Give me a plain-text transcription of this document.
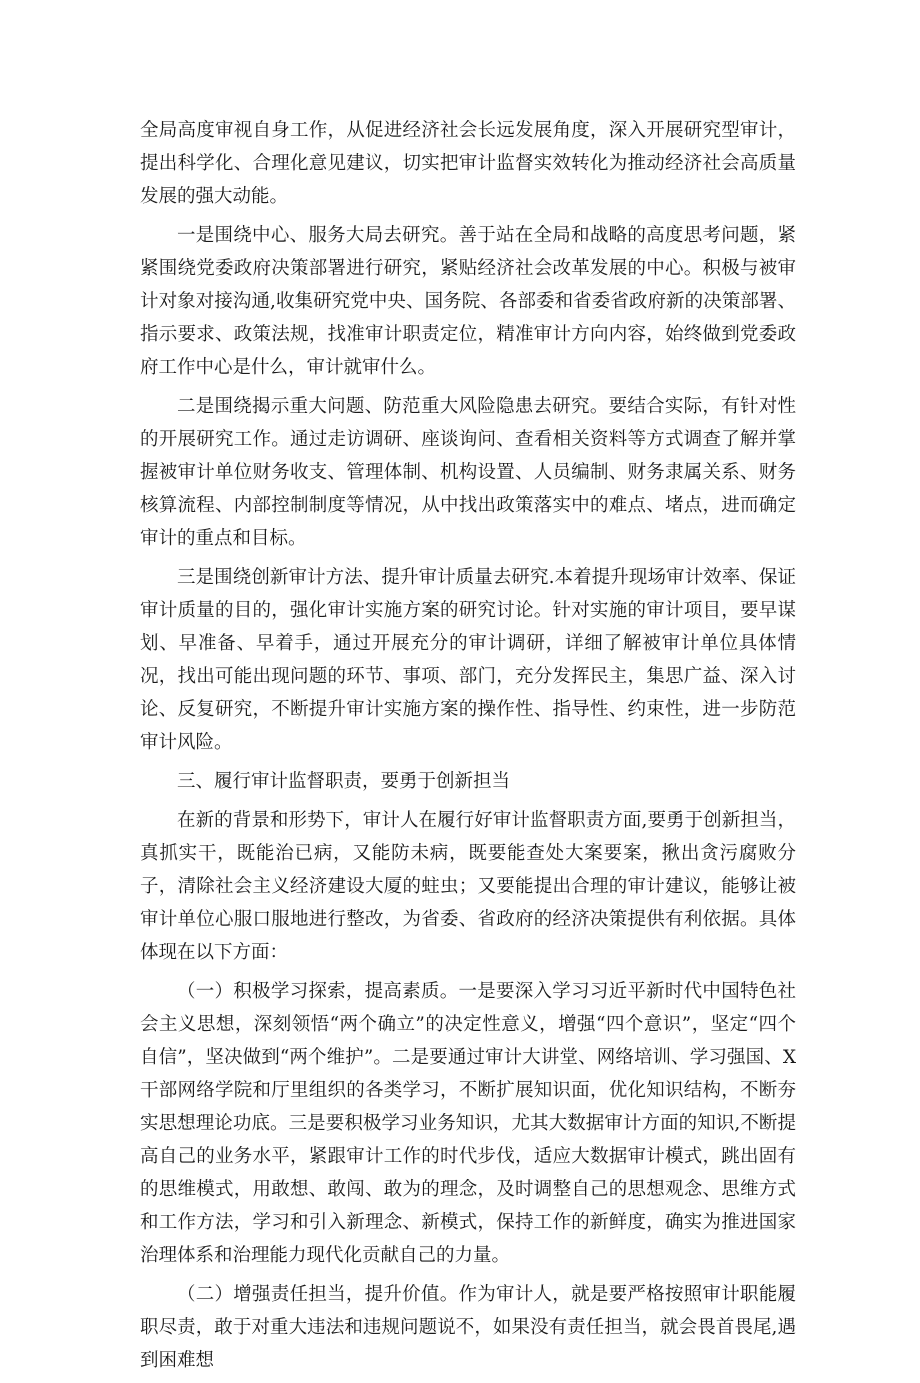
全局高度审视自身工作，从促进经济社会长远发展角度，深入开展研究型审计，提出科学化、合理化意见建议，切实把审计监督实效转化为推动经济社会高质量发展的强大动能。

一是围绕中心、服务大局去研究。善于站在全局和战略的高度思考问题，紧紧围绕党委政府决策部署进行研究，紧贴经济社会改革发展的中心。积极与被审计对象对接沟通,收集研究党中央、国务院、各部委和省委省政府新的决策部署、指示要求、政策法规，找准审计职责定位，精准审计方向内容，始终做到党委政府工作中心是什么，审计就审什么。

二是围绕揭示重大问题、防范重大风险隐患去研究。要结合实际，有针对性的开展研究工作。通过走访调研、座谈询问、查看相关资料等方式调查了解并掌握被审计单位财务收支、管理体制、机构设置、人员编制、财务隶属关系、财务核算流程、内部控制制度等情况，从中找出政策落实中的难点、堵点，进而确定审计的重点和目标。

三是围绕创新审计方法、提升审计质量去研究.本着提升现场审计效率、保证审计质量的目的，强化审计实施方案的研究讨论。针对实施的审计项目，要早谋划、早准备、早着手，通过开展充分的审计调研，详细了解被审计单位具体情况，找出可能出现问题的环节、事项、部门，充分发挥民主，集思广益、深入讨论、反复研究，不断提升审计实施方案的操作性、指导性、约束性，进一步防范审计风险。

三、履行审计监督职责，要勇于创新担当

在新的背景和形势下，审计人在履行好审计监督职责方面,要勇于创新担当，真抓实干，既能治已病，又能防未病，既要能查处大案要案，揪出贪污腐败分子，清除社会主义经济建设大厦的蛀虫；又要能提出合理的审计建议，能够让被审计单位心服口服地进行整改，为省委、省政府的经济决策提供有利依据。具体体现在以下方面：

（一）积极学习探索，提高素质。一是要深入学习习近平新时代中国特色社会主义思想，深刻领悟“两个确立”的决定性意义，增强“四个意识”，坚定“四个自信”，坚决做到“两个维护”。二是要通过审计大讲堂、网络培训、学习强国、X干部网络学院和厅里组织的各类学习，不断扩展知识面，优化知识结构，不断夯实思想理论功底。三是要积极学习业务知识，尤其大数据审计方面的知识,不断提高自己的业务水平，紧跟审计工作的时代步伐，适应大数据审计模式，跳出固有的思维模式，用敢想、敢闯、敢为的理念，及时调整自己的思想观念、思维方式和工作方法，学习和引入新理念、新模式，保持工作的新鲜度，确实为推进国家治理体系和治理能力现代化贡献自己的力量。

（二）增强责任担当，提升价值。作为审计人，就是要严格按照审计职能履职尽责，敢于对重大违法和违规问题说不，如果没有责任担当，就会畏首畏尾,遇到困难想
